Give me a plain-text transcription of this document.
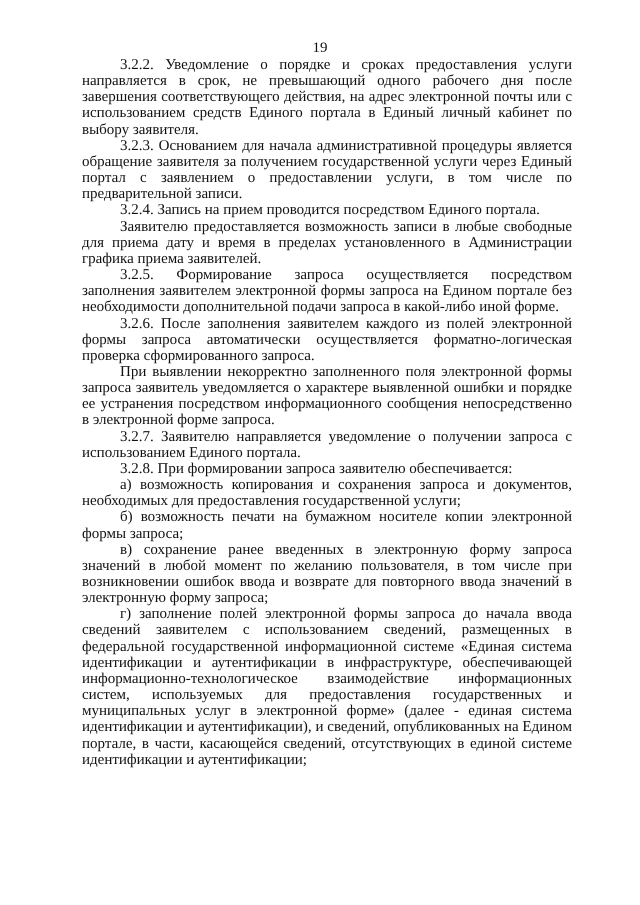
19

3.2.2. Уведомление о порядке и сроках предоставления услуги направляется в срок, не превышающий одного рабочего дня после завершения соответствующего действия, на адрес электронной почты или с использованием средств Единого портала в Единый личный кабинет по выбору заявителя.

3.2.3. Основанием для начала административной процедуры является обращение заявителя за получением государственной услуги через Единый портал с заявлением о предоставлении услуги, в том числе по предварительной записи.

3.2.4. Запись на прием проводится посредством Единого портала.

Заявителю предоставляется возможность записи в любые свободные для приема дату и время в пределах установленного в Администрации графика приема заявителей.

3.2.5. Формирование запроса осуществляется посредством заполнения заявителем электронной формы запроса на Едином портале без необходимости дополнительной подачи запроса в какой-либо иной форме.

3.2.6. После заполнения заявителем каждого из полей электронной формы запроса автоматически осуществляется форматно-логическая проверка сформированного запроса.

При выявлении некорректно заполненного поля электронной формы запроса заявитель уведомляется о характере выявленной ошибки и порядке ее устранения посредством информационного сообщения непосредственно в электронной форме запроса.

3.2.7. Заявителю направляется уведомление о получении запроса с использованием Единого портала.

3.2.8. При формировании запроса заявителю обеспечивается:

а) возможность копирования и сохранения запроса и документов, необходимых для предоставления государственной услуги;

б) возможность печати на бумажном носителе копии электронной формы запроса;

в) сохранение ранее введенных в электронную форму запроса значений в любой момент по желанию пользователя, в том числе при возникновении ошибок ввода и возврате для повторного ввода значений в электронную форму запроса;

г) заполнение полей электронной формы запроса до начала ввода сведений заявителем с использованием сведений, размещенных в федеральной государственной информационной системе «Единая система идентификации и аутентификации в инфраструктуре, обеспечивающей информационно-технологическое взаимодействие информационных систем, используемых для предоставления государственных и муниципальных услуг в электронной форме» (далее - единая система идентификации и аутентификации), и сведений, опубликованных на Едином портале, в части, касающейся сведений, отсутствующих в единой системе идентификации и аутентификации;
